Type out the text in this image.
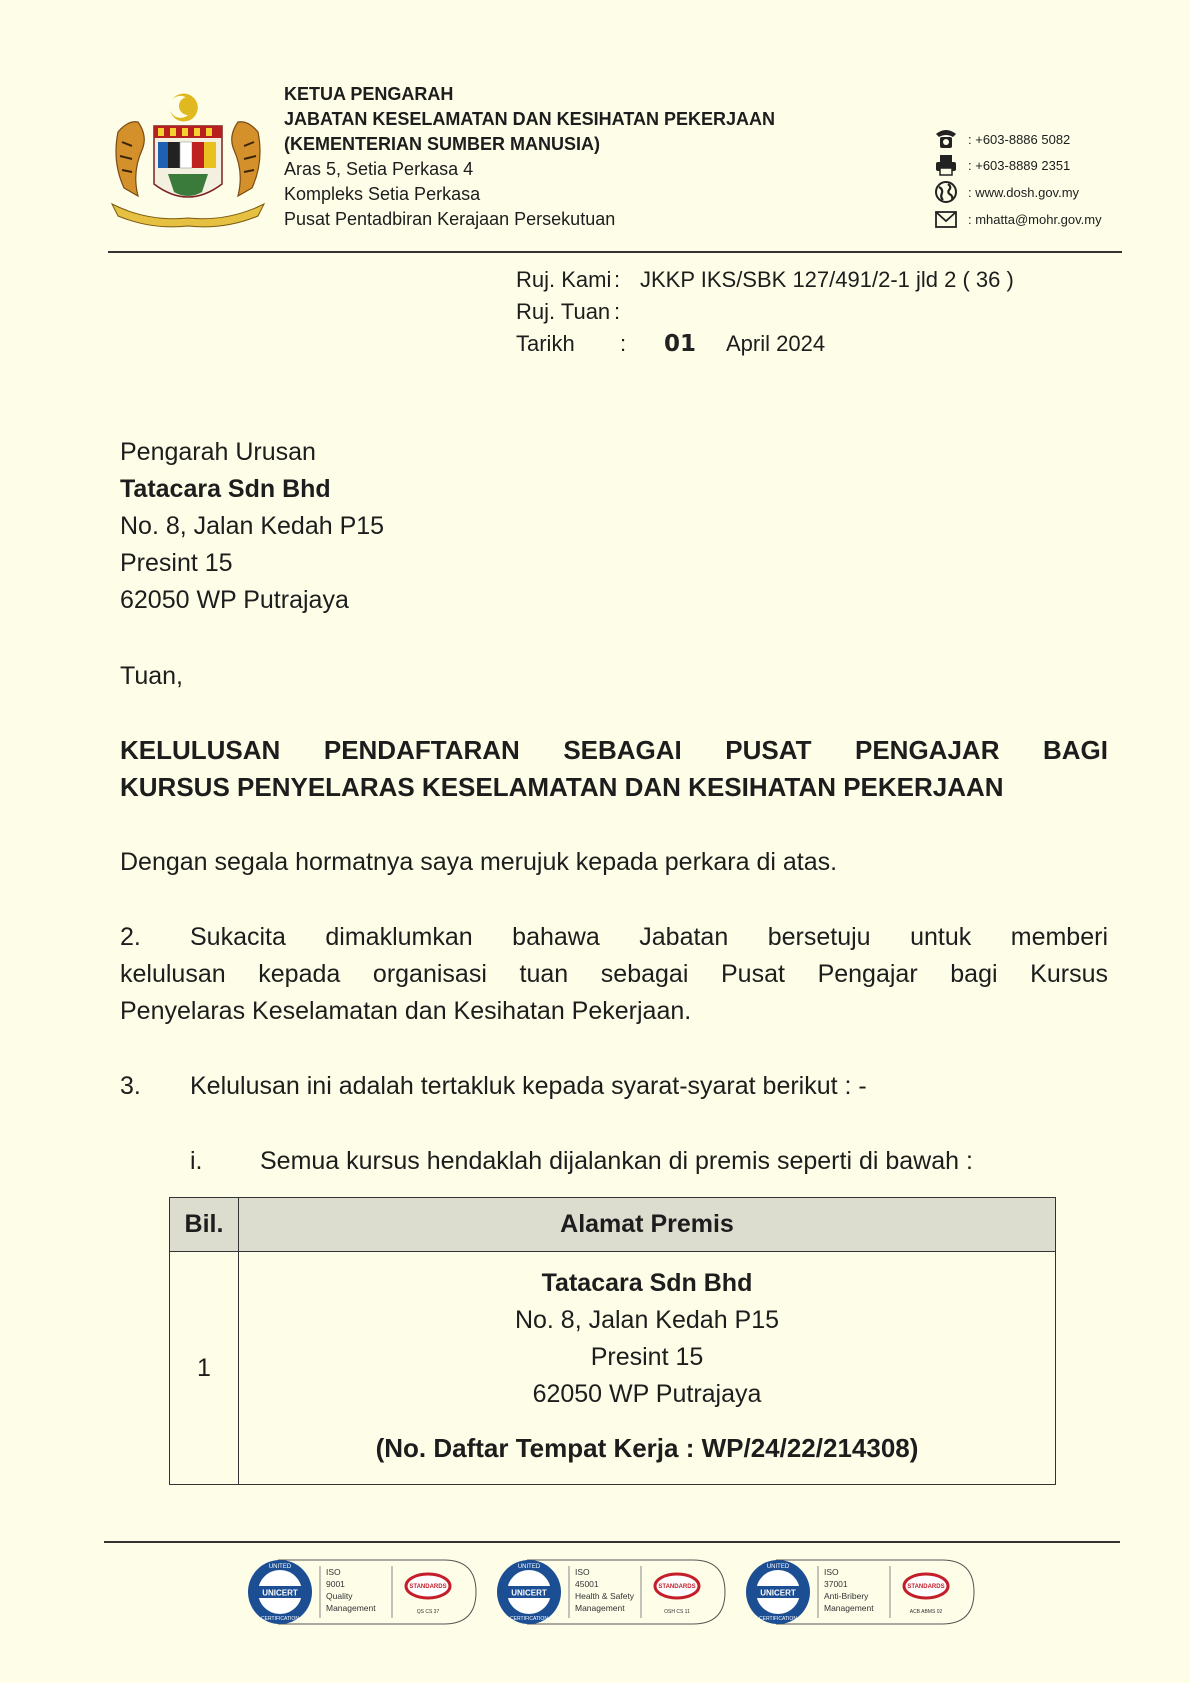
KETUA PENGARAH
JABATAN KESELAMATAN DAN KESIHATAN PEKERJAAN
(KEMENTERIAN SUMBER MANUSIA)
Aras 5, Setia Perkasa 4
Kompleks Setia Perkasa
Pusat Pentadbiran Kerajaan Persekutuan
: +603-8886 5082
: +603-8889 2351
: www.dosh.gov.my
: mhatta@mohr.gov.my
Ruj. Kami : JKKP IKS/SBK 127/491/2-1 jld 2 ( 36 )
Ruj. Tuan :
Tarikh : 01 April 2024
Pengarah Urusan
Tatacara Sdn Bhd
No. 8, Jalan Kedah P15
Presint 15
62050 WP Putrajaya
Tuan,
KELULUSAN PENDAFTARAN SEBAGAI PUSAT PENGAJAR BAGI
KURSUS PENYELARAS KESELAMATAN DAN KESIHATAN PEKERJAAN
Dengan segala hormatnya saya merujuk kepada perkara di atas.
2. Sukacita dimaklumkan bahawa Jabatan bersetuju untuk memberi
kelulusan kepada organisasi tuan sebagai Pusat Pengajar bagi Kursus
Penyelaras Keselamatan dan Kesihatan Pekerjaan.
3. Kelulusan ini adalah tertakluk kepada syarat-syarat berikut : -
i. Semua kursus hendaklah dijalankan di premis seperti di bawah :
Bil.	Alamat Premis
1	Tatacara Sdn Bhd
No. 8, Jalan Kedah P15
Presint 15
62050 WP Putrajaya
(No. Daftar Tempat Kerja : WP/24/22/214308)
UNITED
UNICERT
CERTIFICATION
STANDARDS
QS CS 37
ISO
9001
Quality
Management
UNITED
UNICERT
CERTIFICATION
STANDARDS
OSH CS 11
ISO
45001
Health & Safety
Management
UNITED
UNICERT
CERTIFICATION
STANDARDS
ACB ABMS 02
ISO
37001
Anti-Bribery
Management
